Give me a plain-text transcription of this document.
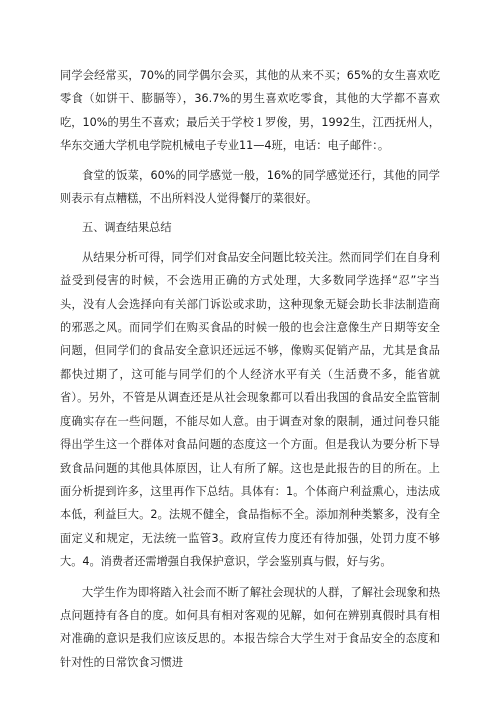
同学会经常买，70%的同学偶尔会买，其他的从来不买；65%的女生喜欢吃零食（如饼干、膨膈等），36.7%的男生喜欢吃零食，其他的大学都不喜欢吃，10%的男生不喜欢；最后关于学校１罗俊，男，1992生，江西抚州人，华东交通大学机电学院机械电子专业11—4班，电话：电子邮件：。

食堂的饭菜，60%的同学感觉一般，16%的同学感觉还行，其他的同学则表示有点糟糕，不出所料没人觉得餐厅的菜很好。

五、调查结果总结

从结果分析可得，同学们对食品安全问题比较关注。然而同学们在自身利益受到侵害的时候，不会选用正确的方式处理，大多数同学选择“忍”字当头，没有人会选择向有关部门诉讼或求助，这种现象无疑会助长非法制造商的邪恶之风。而同学们在购买食品的时候一般的也会注意像生产日期等安全问题，但同学们的食品安全意识还远远不够，像购买促销产品，尤其是食品都快过期了，这可能与同学们的个人经济水平有关（生活费不多，能省就省）。另外，不管是从调查还是从社会现象都可以看出我国的食品安全监管制度确实存在一些问题，不能尽如人意。由于调查对象的限制，通过问卷只能得出学生这一个群体对食品问题的态度这一个方面。但是我认为要分析下导致食品问题的其他具体原因，让人有所了解。这也是此报告的目的所在。上面分析提到许多，这里再作下总结。具体有：1。个体商户利益熏心，违法成本低，利益巨大。2。法规不健全，食品指标不全。添加剂种类繁多，没有全面定义和规定，无法统一监管3。政府宣传力度还有待加强，处罚力度不够大。4。消费者还需增强自我保护意识，学会鉴别真与假，好与劣。

大学生作为即将踏入社会而不断了解社会现状的人群，了解社会现象和热点问题持有各自的度。如何具有相对客观的见解，如何在辨别真假时具有相对准确的意识是我们应该反思的。本报告综合大学生对于食品安全的态度和针对性的日常饮食习惯进
